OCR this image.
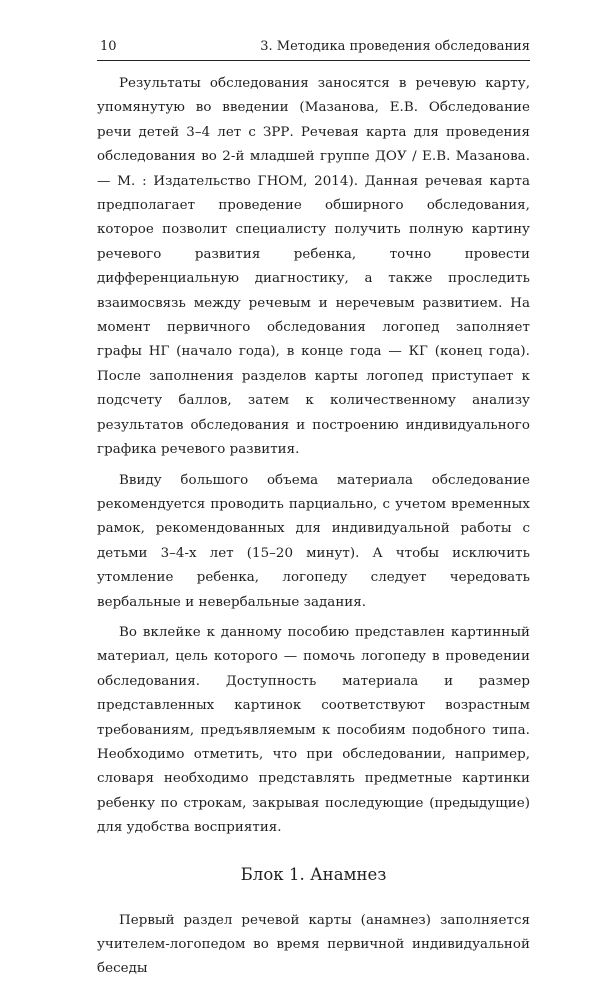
10	3. Методика проведения обследования

Результаты обследования заносятся в речевую карту, упомянутую во введении (Мазанова, Е.В. Обследование речи детей 3–4 лет с ЗРР. Речевая карта для проведения обследования во 2-й младшей группе ДОУ / Е.В. Мазанова. — М. : Издательство ГНОМ, 2014). Данная речевая карта предполагает проведение обширного обследования, которое позволит специалисту получить полную картину речевого развития ребенка, точно провести дифференциальную диагностику, а также проследить взаимосвязь между речевым и неречевым развитием. На момент первичного обследования логопед заполняет графы НГ (начало года), в конце года — КГ (конец года). После заполнения разделов карты логопед приступает к подсчету баллов, затем к количественному анализу результатов обследования и построению индивидуального графика речевого развития.

Ввиду большого объема материала обследование рекомендуется проводить парциально, с учетом временных рамок, рекомендованных для индивидуальной работы с детьми 3–4-х лет (15–20 минут). А чтобы исключить утомление ребенка, логопеду следует чередовать вербальные и невербальные задания.

Во вклейке к данному пособию представлен картинный материал, цель которого — помочь логопеду в проведении обследования. Доступность материала и размер представленных картинок соответствуют возрастным требованиям, предъявляемым к пособиям подобного типа. Необходимо отметить, что при обследовании, например, словаря необходимо представлять предметные картинки ребенку по строкам, закрывая последующие (предыдущие) для удобства восприятия.

Блок 1. Анамнез

Первый раздел речевой карты (анамнез) заполняется учителем-логопедом во время первичной индивидуальной беседы
